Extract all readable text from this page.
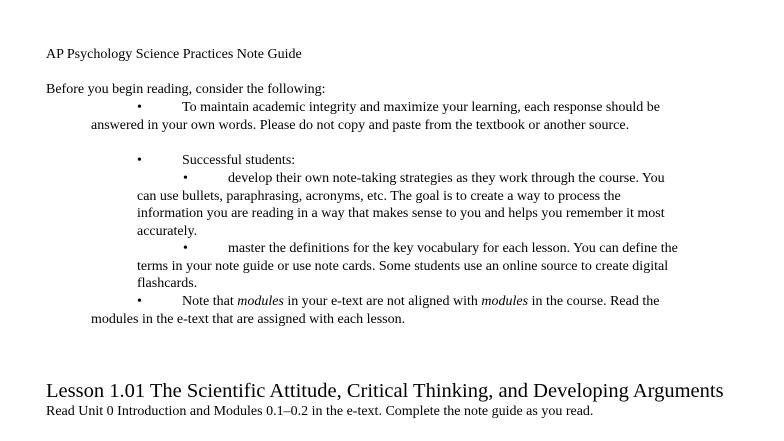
AP Psychology Science Practices Note Guide
Before you begin reading, consider the following:
•	To maintain academic integrity and maximize your learning, each response should be answered in your own words. Please do not copy and paste from the textbook or another source.
•	Successful students:
•	develop their own note-taking strategies as they work through the course. You can use bullets, paraphrasing, acronyms, etc. The goal is to create a way to process the information you are reading in a way that makes sense to you and helps you remember it most accurately.
•	master the definitions for the key vocabulary for each lesson. You can define the terms in your note guide or use note cards. Some students use an online source to create digital flashcards.
•	Note that modules in your e-text are not aligned with modules in the course. Read the modules in the e-text that are assigned with each lesson.
Lesson 1.01 The Scientific Attitude, Critical Thinking, and Developing Arguments
Read Unit 0 Introduction and Modules 0.1–0.2 in the e-text. Complete the note guide as you read.
